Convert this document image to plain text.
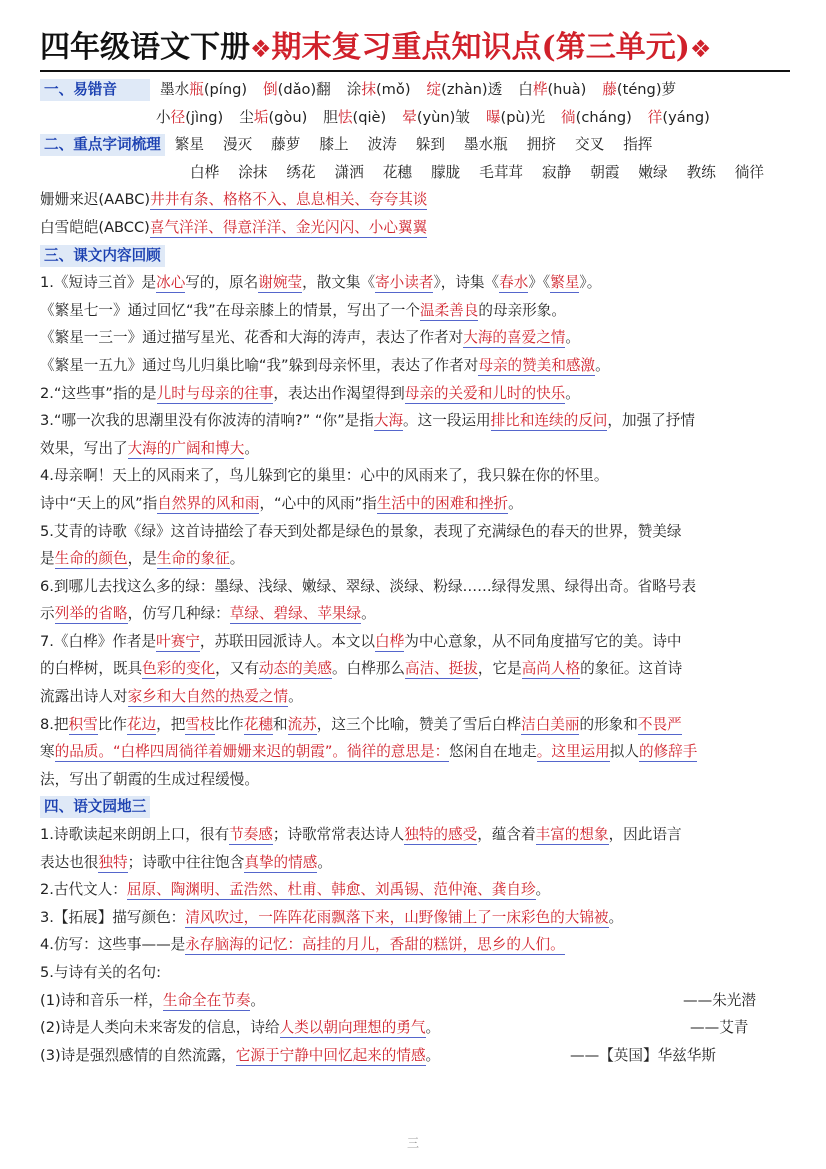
四年级语文下册❖期末复习重点知识点(第三单元)❖
一、易错音	墨水瓶(píng) 倒(dǎo)翻 涂抹(mǒ) 绽(zhàn)透 白桦(huà) 藤(téng)萝
小径(jìng) 尘垢(gòu) 胆怯(qiè) 晕(yùn)皱 曝(pù)光 徜(cháng) 徉(yáng)
二、重点字词梳理 繁星 漫灭 藤萝 膝上 波涛 躲到 墨水瓶 拥挤 交叉 指挥
白桦 涂抹 绣花 潇洒 花穗 朦胧 毛茸茸 寂静 朝霞 嫩绿 教练 徜徉
姗姗来迟(AABC)井井有条、格格不入、息息相关、夸夸其谈
白雪皑皑(ABCC)喜气洋洋、得意洋洋、金光闪闪、小心翼翼
三、课文内容回顾
1.《短诗三首》是冰心写的，原名谢婉莹，散文集《寄小读者》，诗集《春水》《繁星》。
《繁星七一》通过回忆“我”在母亲膝上的情景，写出了一个温柔善良的母亲形象。
《繁星一三一》通过描写星光、花香和大海的涛声，表达了作者对大海的喜爱之情。
《繁星一五九》通过鸟儿归巢比喻“我”躲到母亲怀里，表达了作者对母亲的赞美和感激。
2.“这些事”指的是儿时与母亲的往事，表达出作渴望得到母亲的关爱和儿时的快乐。
3.“哪一次我的思潮里没有你波涛的清响?” “你”是指大海。这一段运用排比和连续的反问，加强了抒情
效果，写出了大海的广阔和博大。
4.母亲啊！天上的风雨来了，鸟儿躲到它的巢里：心中的风雨来了，我只躲在你的怀里。
诗中“天上的风”指自然界的风和雨，“心中的风雨”指生活中的困难和挫折。
5.艾青的诗歌《绿》这首诗描绘了春天到处都是绿色的景象，表现了充满绿色的春天的世界，赞美绿
是生命的颜色，是生命的象征。
6.到哪儿去找这么多的绿：墨绿、浅绿、嫩绿、翠绿、淡绿、粉绿……绿得发黑、绿得出奇。省略号表
示列举的省略，仿写几种绿：草绿、碧绿、苹果绿。
7.《白桦》作者是叶赛宁，苏联田园派诗人。本文以白桦为中心意象，从不同角度描写它的美。诗中
的白桦树，既具色彩的变化，又有动态的美感。白桦那么高洁、挺拔，它是高尚人格的象征。这首诗
流露出诗人对家乡和大自然的热爱之情。
8.把积雪比作花边，把雪枝比作花穗和流苏，这三个比喻，赞美了雪后白桦洁白美丽的形象和不畏严
寒的品质。“白桦四周徜徉着姗姗来迟的朝霞”。徜徉的意思是：悠闲自在地走。这里运用拟人的修辞手
法，写出了朝霞的生成过程缓慢。
四、语文园地三
1.诗歌读起来朗朗上口，很有节奏感；诗歌常常表达诗人独特的感受，蕴含着丰富的想象，因此语言
表达也很独特；诗歌中往往饱含真挚的情感。
2.古代文人：屈原、陶渊明、孟浩然、杜甫、韩愈、刘禹锡、范仲淹、龚自珍。
3.【拓展】描写颜色：清风吹过，一阵阵花雨飘落下来，山野像铺上了一床彩色的大锦被。
4.仿写：这些事——是永存脑海的记忆：高挂的月儿，香甜的糕饼，思乡的人们。
5.与诗有关的名句:
(1)诗和音乐一样，生命全在节奏。	——朱光潜
(2)诗是人类向未来寄发的信息，诗给人类以朝向理想的勇气。	——艾青
(3)诗是强烈感情的自然流露，它源于宁静中回忆起来的情感。	——【英国】华兹华斯
三
